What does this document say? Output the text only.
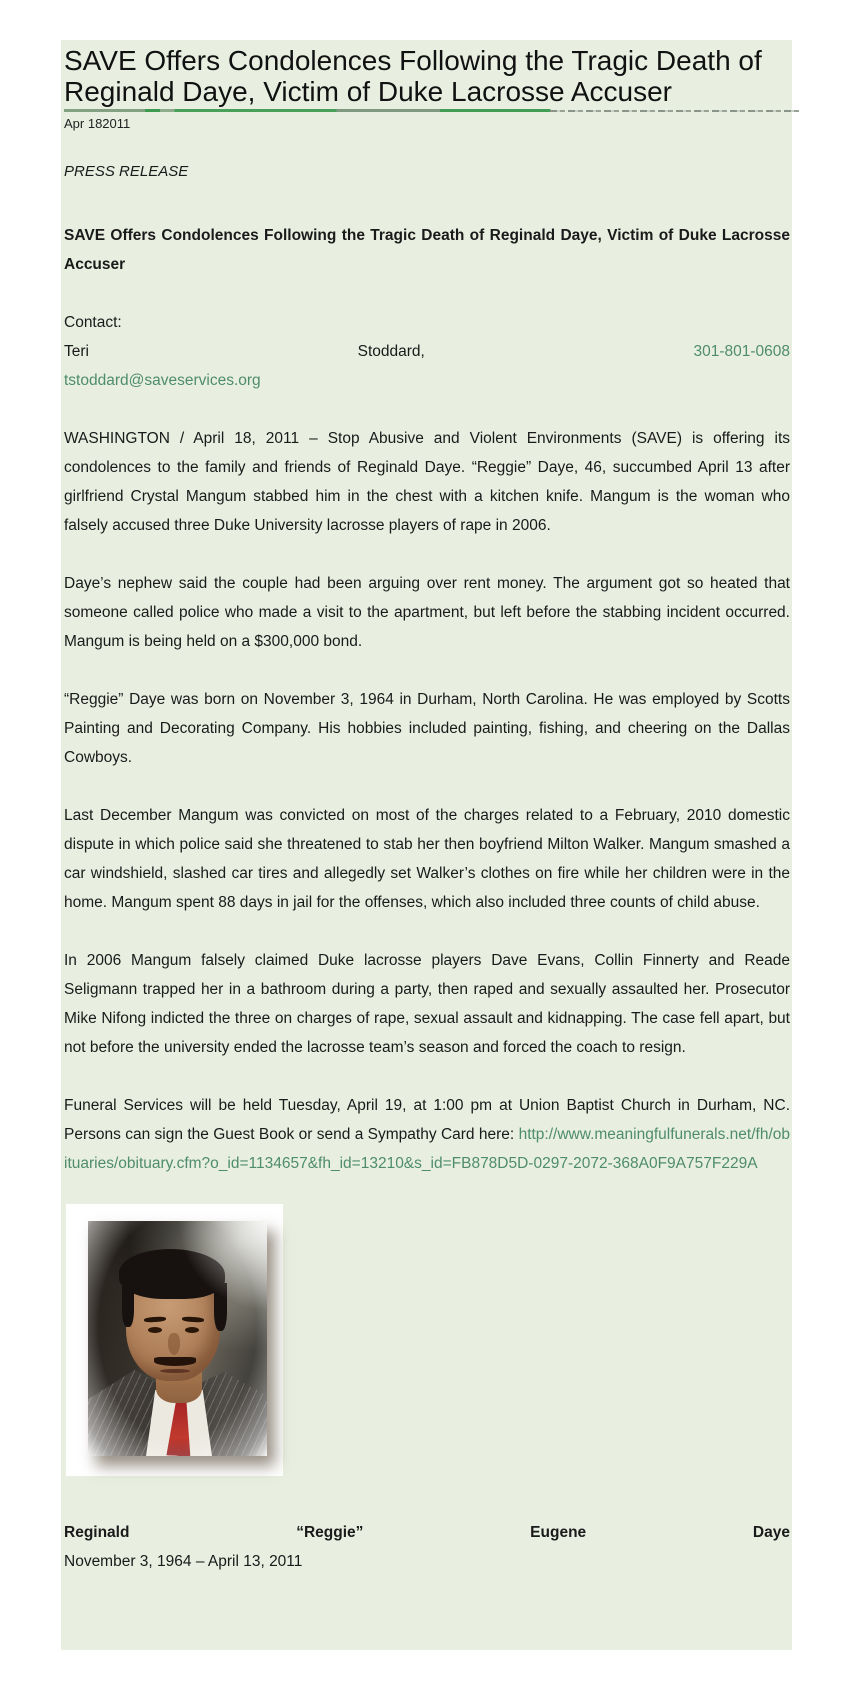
SAVE Offers Condolences Following the Tragic Death of Reginald Daye, Victim of Duke Lacrosse Accuser
Apr 182011
PRESS RELEASE
SAVE Offers Condolences Following the Tragic Death of Reginald Daye, Victim of Duke Lacrosse Accuser
Contact:
Teri	Stoddard,	301-801-0608
tstoddard@saveservices.org
WASHINGTON / April 18, 2011 – Stop Abusive and Violent Environments (SAVE) is offering its condolences to the family and friends of Reginald Daye. “Reggie” Daye, 46, succumbed April 13 after girlfriend Crystal Mangum stabbed him in the chest with a kitchen knife. Mangum is the woman who falsely accused three Duke University lacrosse players of rape in 2006.
Daye’s nephew said the couple had been arguing over rent money. The argument got so heated that someone called police who made a visit to the apartment, but left before the stabbing incident occurred. Mangum is being held on a $300,000 bond.
“Reggie” Daye was born on November 3, 1964 in Durham, North Carolina. He was employed by Scotts Painting and Decorating Company. His hobbies included painting, fishing, and cheering on the Dallas Cowboys.
Last December Mangum was convicted on most of the charges related to a February, 2010 domestic dispute in which police said she threatened to stab her then boyfriend Milton Walker. Mangum smashed a car windshield, slashed car tires and allegedly set Walker’s clothes on fire while her children were in the home. Mangum spent 88 days in jail for the offenses, which also included three counts of child abuse.
In 2006 Mangum falsely claimed Duke lacrosse players Dave Evans, Collin Finnerty and Reade Seligmann trapped her in a bathroom during a party, then raped and sexually assaulted her. Prosecutor Mike Nifong indicted the three on charges of rape, sexual assault and kidnapping. The case fell apart, but not before the university ended the lacrosse team’s season and forced the coach to resign.
Funeral Services will be held Tuesday, April 19, at 1:00 pm at Union Baptist Church in Durham, NC. Persons can sign the Guest Book or send a Sympathy Card here: http://www.meaningfulfunerals.net/fh/obituaries/obituary.cfm?o_id=1134657&fh_id=13210&s_id=FB878D5D-0297-2072-368A0F9A757F229A
Reginald	“Reggie”	Eugene	Daye
November 3, 1964 – April 13, 2011
